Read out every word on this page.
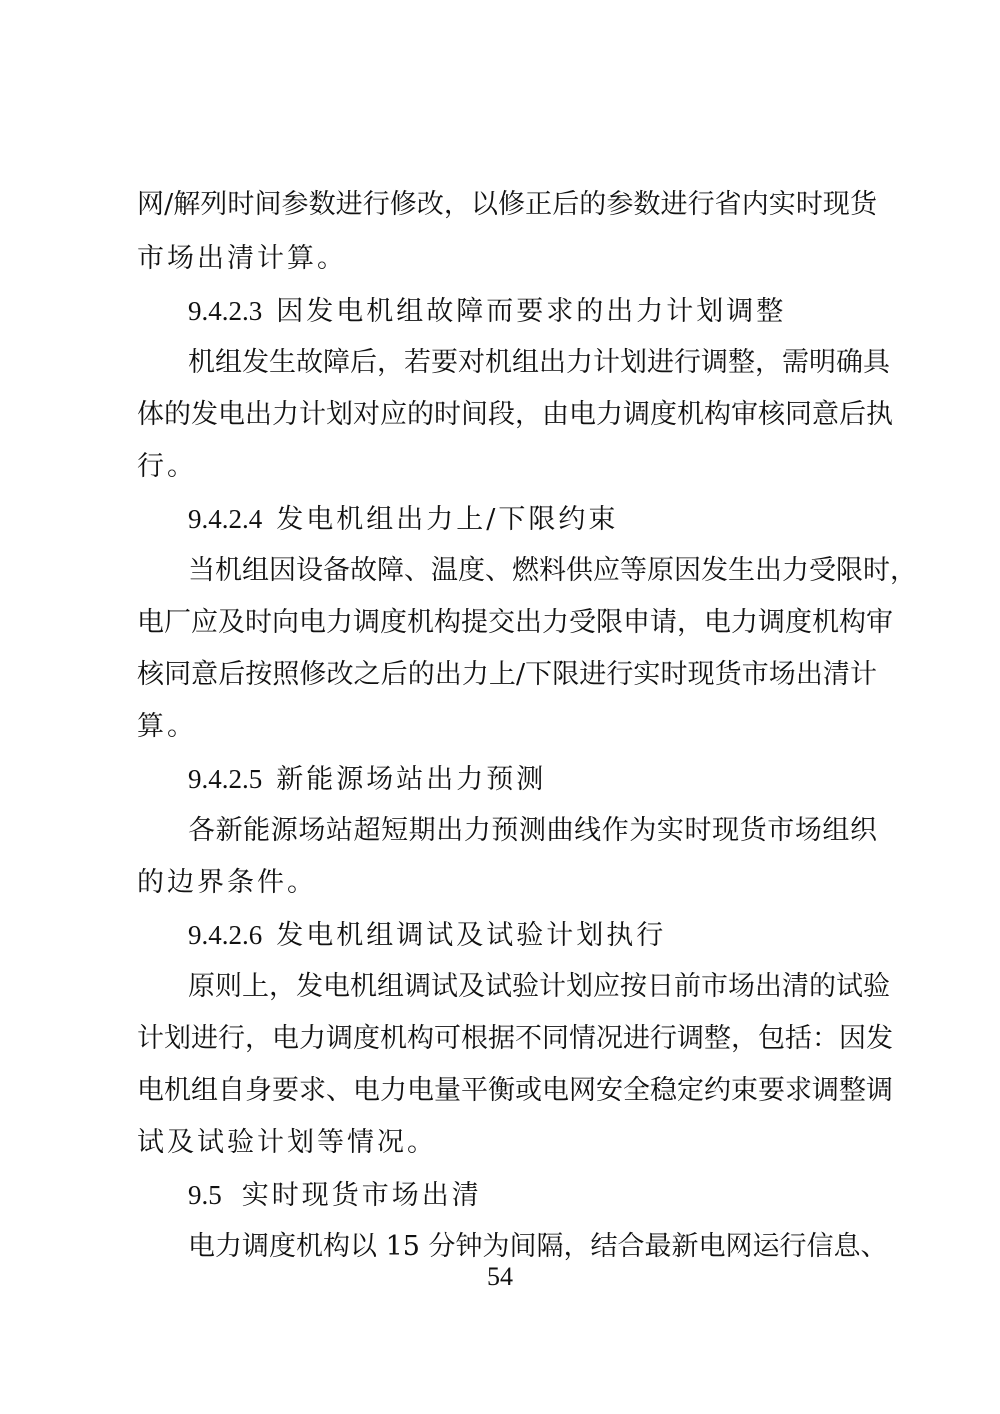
网/解列时间参数进行修改，以修正后的参数进行省内实时现货
市场出清计算。
9.4.2.3 因发电机组故障而要求的出力计划调整
机组发生故障后，若要对机组出力计划进行调整，需明确具
体的发电出力计划对应的时间段，由电力调度机构审核同意后执
行。
9.4.2.4 发电机组出力上/下限约束
当机组因设备故障、温度、燃料供应等原因发生出力受限时，
电厂应及时向电力调度机构提交出力受限申请，电力调度机构审
核同意后按照修改之后的出力上/下限进行实时现货市场出清计
算。
9.4.2.5 新能源场站出力预测
各新能源场站超短期出力预测曲线作为实时现货市场组织
的边界条件。
9.4.2.6 发电机组调试及试验计划执行
原则上，发电机组调试及试验计划应按日前市场出清的试验
计划进行，电力调度机构可根据不同情况进行调整，包括：因发
电机组自身要求、电力电量平衡或电网安全稳定约束要求调整调
试及试验计划等情况。
9.5 实时现货市场出清
电力调度机构以 15 分钟为间隔，结合最新电网运行信息、
54
